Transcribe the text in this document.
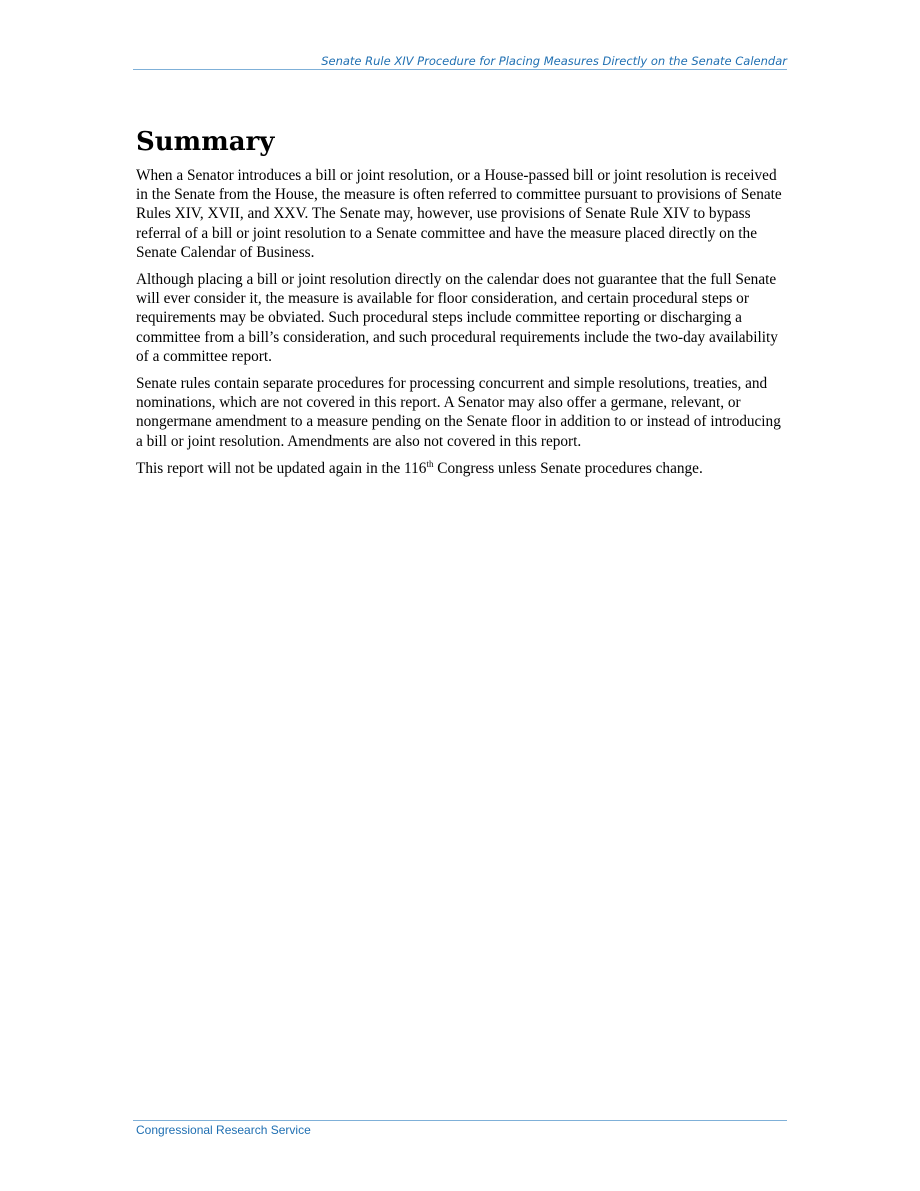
Senate Rule XIV Procedure for Placing Measures Directly on the Senate Calendar
Summary

When a Senator introduces a bill or joint resolution, or a House-passed bill or joint resolution is received in the Senate from the House, the measure is often referred to committee pursuant to provisions of Senate Rules XIV, XVII, and XXV. The Senate may, however, use provisions of Senate Rule XIV to bypass referral of a bill or joint resolution to a Senate committee and have the measure placed directly on the Senate Calendar of Business.

Although placing a bill or joint resolution directly on the calendar does not guarantee that the full Senate will ever consider it, the measure is available for floor consideration, and certain procedural steps or requirements may be obviated. Such procedural steps include committee reporting or discharging a committee from a bill’s consideration, and such procedural requirements include the two-day availability of a committee report.

Senate rules contain separate procedures for processing concurrent and simple resolutions, treaties, and nominations, which are not covered in this report. A Senator may also offer a germane, relevant, or nongermane amendment to a measure pending on the Senate floor in addition to or instead of introducing a bill or joint resolution. Amendments are also not covered in this report.

This report will not be updated again in the 116th Congress unless Senate procedures change.

Congressional Research Service
